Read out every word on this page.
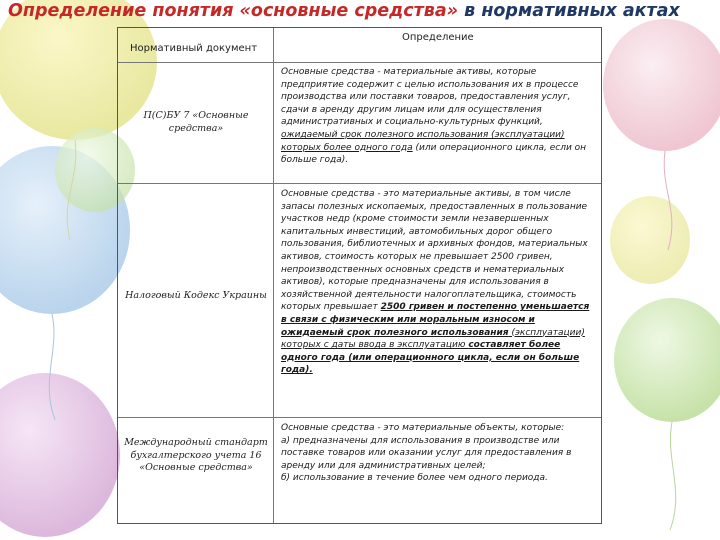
Определение понятия «основные средства» в нормативных актах
Нормативный документ
Определение
П(С)БУ 7 «Основные средства»
Основные средства - материальные активы, которые предприятие содержит с целью использования их в процессе производства или поставки товаров, предоставления услуг, сдачи в аренду другим лицам или для осуществления административных и социально-культурных функций, ожидаемый срок полезного использования (эксплуатации) которых более одного года (или операционного цикла, если он больше года).
Налоговый Кодекс Украины
Основные средства - это материальные активы, в том числе запасы полезных ископаемых, предоставленных в пользование участков недр (кроме стоимости земли незавершенных капитальных инвестиций, автомобильных дорог общего пользования, библиотечных и архивных фондов, материальных активов, стоимость которых не превышает 2500 гривен, непроизводственных основных средств и нематериальных активов), которые предназначены для использования в хозяйственной деятельности налогоплательщика, стоимость которых превышает 2500 гривен и постепенно уменьшается в связи с физическим или моральным износом и ожидаемый срок полезного использования (эксплуатации) которых с даты ввода в эксплуатацию составляет более одного года (или операционного цикла, если он больше года).
Международный стандарт бухгалтерского учета 16 «Основные средства»

Основные средства - это материальные объекты, которые:

а) предназначены для использования в производстве или поставке товаров или оказании услуг для предоставления в аренду или для административных целей;

б) использование в течение более чем одного периода.
